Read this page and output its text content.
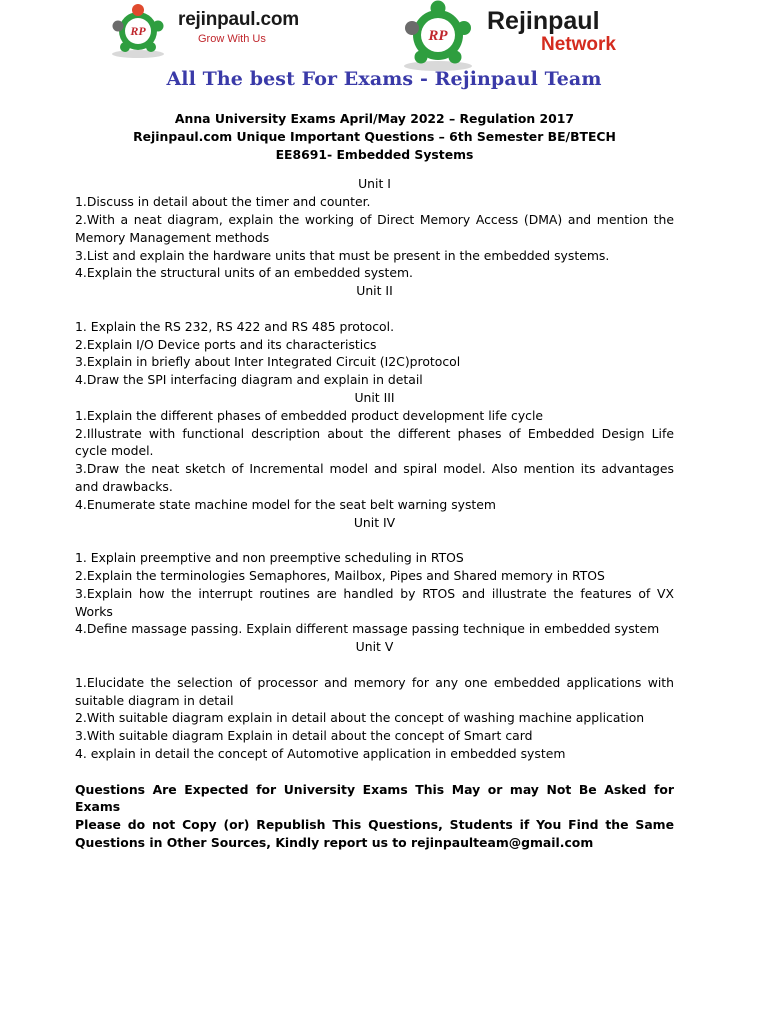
RP
rejinpaul.com
Grow With Us	RP
Rejinpaul
Network
All The best For Exams - Rejinpaul Team
Anna University Exams April/May 2022 – Regulation 2017
Rejinpaul.com Unique Important Questions – 6th Semester BE/BTECH
EE8691- Embedded Systems
Unit I
1.Discuss in detail about the timer and counter.
2.With a neat diagram, explain the working of Direct Memory Access (DMA) and mention the Memory Management methods
3.List and explain the hardware units that must be present in the embedded systems.
4.Explain the structural units of an embedded system.
Unit II
1. Explain the RS 232, RS 422 and RS 485 protocol.
2.Explain I/O Device ports and its characteristics
3.Explain in briefly about Inter Integrated Circuit (I2C)protocol
4.Draw the SPI interfacing diagram and explain in detail
Unit III
1.Explain the different phases of embedded product development life cycle
2.Illustrate with functional description about the different phases of Embedded Design Life cycle model.
3.Draw the neat sketch of Incremental model and spiral model. Also mention its advantages and drawbacks.
4.Enumerate state machine model for the seat belt warning system
Unit IV
1. Explain preemptive and non preemptive scheduling in RTOS
2.Explain the terminologies Semaphores, Mailbox, Pipes and Shared memory in RTOS
3.Explain how the interrupt routines are handled by RTOS and illustrate the features of VX Works
4.Define massage passing. Explain different massage passing technique in embedded system
Unit V
1.Elucidate the selection of processor and memory for any one embedded applications with suitable diagram in detail
2.With suitable diagram explain in detail about the concept of washing machine application
3.With suitable diagram Explain in detail about the concept of Smart card
4. explain in detail the concept of Automotive application in embedded system
Questions Are Expected for University Exams This May or may Not Be Asked for Exams
Please do not Copy (or) Republish This Questions, Students if You Find the Same Questions in Other Sources, Kindly report us to rejinpaulteam@gmail.com
